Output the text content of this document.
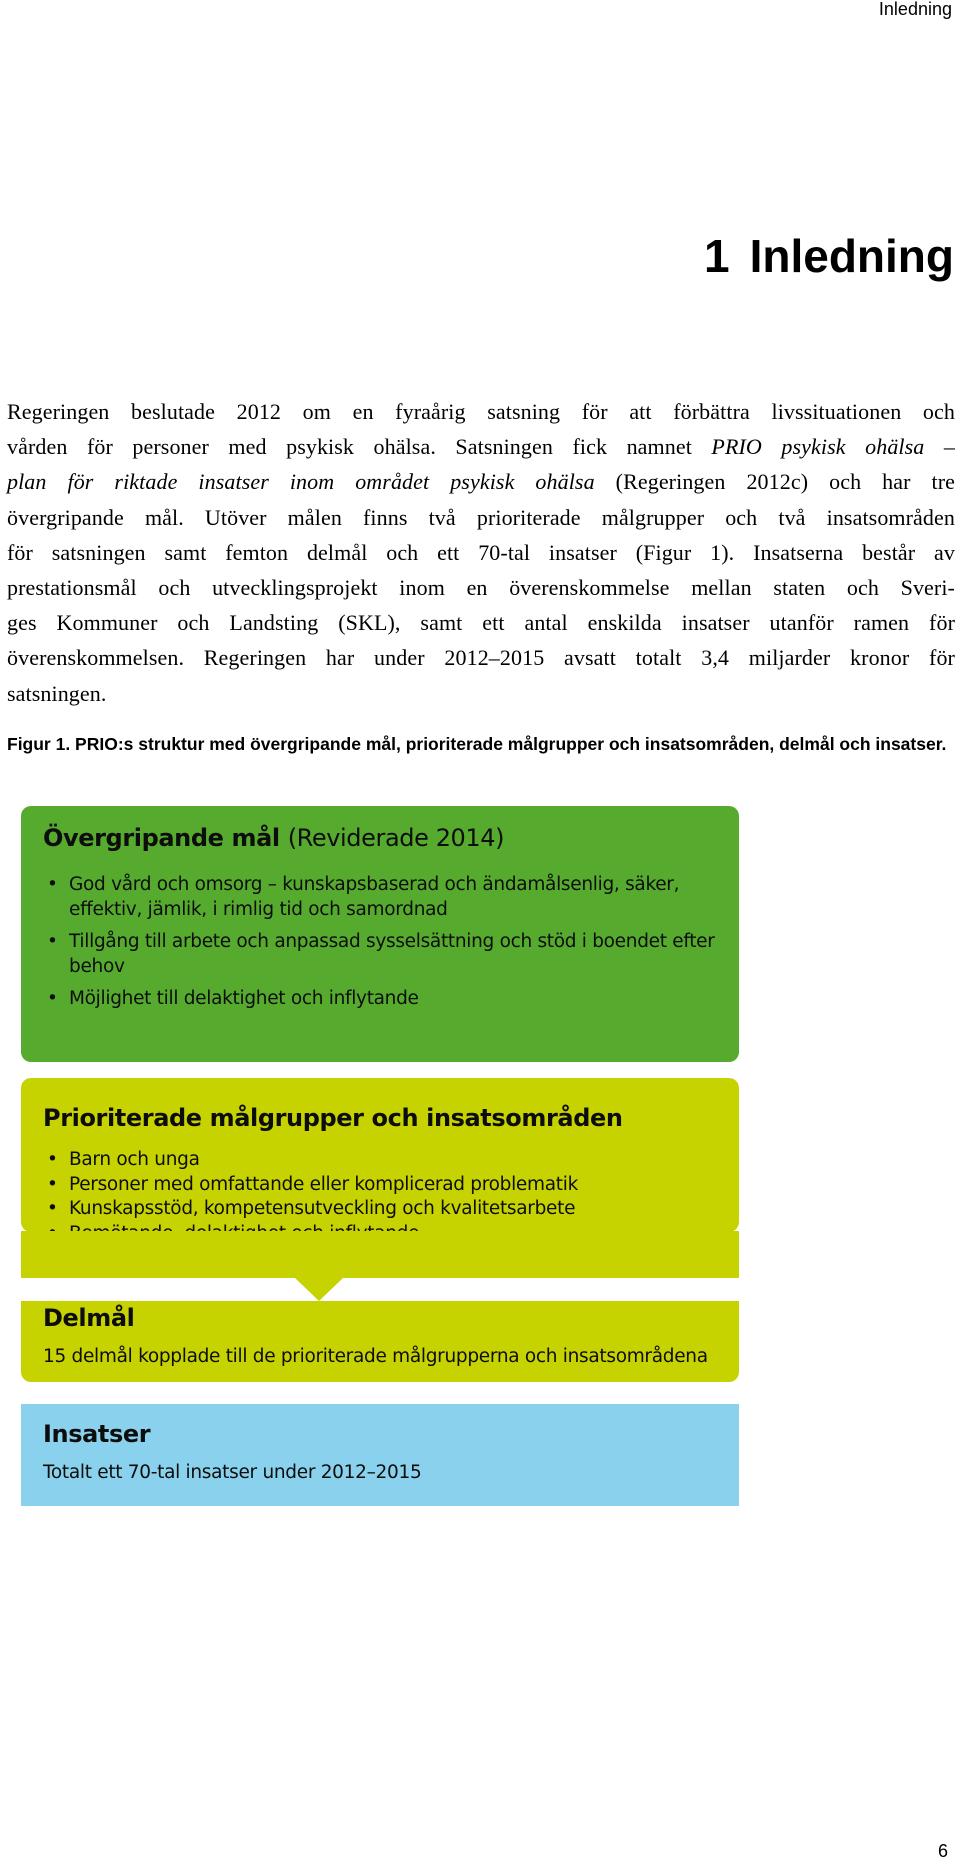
Inledning
1 Inledning
Regeringen beslutade 2012 om en fyraårig satsning för att förbättra livssituationen och
vården för personer med psykisk ohälsa. Satsningen fick namnet PRIO psykisk ohälsa –
plan för riktade insatser inom området psykisk ohälsa (Regeringen 2012c) och har tre
övergripande mål. Utöver målen finns två prioriterade målgrupper och två insatsområden
för satsningen samt femton delmål och ett 70-tal insatser (Figur 1). Insatserna består av
prestationsmål och utvecklingsprojekt inom en överenskommelse mellan staten och Sveri-
ges Kommuner och Landsting (SKL), samt ett antal enskilda insatser utanför ramen för
överenskommelsen. Regeringen har under 2012–2015 avsatt totalt 3,4 miljarder kronor för
satsningen.

Figur 1. PRIO:s struktur med övergripande mål, prioriterade målgrupper och insatsområden, delmål och insatser.

Övergripande mål (Reviderade 2014)
• God vård och omsorg – kunskapsbaserad och ändamålsenlig, säker, effektiv, jämlik, i rimlig tid och samordnad
• Tillgång till arbete och anpassad sysselsättning och stöd i boendet efter behov
• Möjlighet till delaktighet och inflytande
Prioriterade målgrupper och insatsområden
• Barn och unga
• Personer med omfattande eller komplicerad problematik
• Kunskapsstöd, kompetensutveckling och kvalitetsarbete
Delmål
15 delmål kopplade till de prioriterade målgrupperna och insatsområdena
Insatser
Totalt ett 70-tal insatser under 2012–2015
6
